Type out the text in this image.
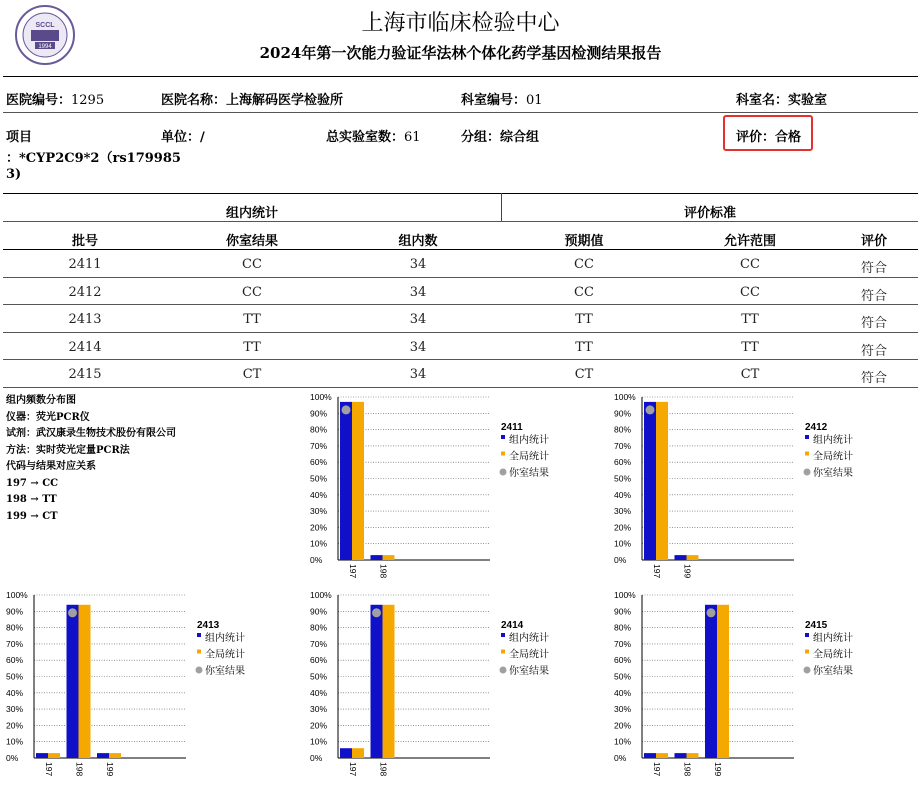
SCCL
1994
上海市临床检验中心
2024年第一次能力验证华法林个体化药学基因检测结果报告
医院编号：1295	医院名称：上海解码医学检验所	科室编号：01	科室名：实验室
项目
：*CYP2C9*2（rs179985
3)
单位：/	总实验室数：61	分组：综合组	评价：合格
组内统计	评价标准
批号	你室结果	组内数	预期值	允许范围	评价
2411	CC	34	CC	CC	符合
2412	CC	34	CC	CC	符合
2413	TT	34	TT	TT	符合
2414	TT	34	TT	TT	符合
2415	CT	34	CT	CT	符合
组内频数分布图
仪器：荧光PCR仪
试剂：武汉康录生物技术股份有限公司
方法：实时荧光定量PCR法
代码与结果对应关系
197 → CC
198 → TT
199 → CT
0%
10%
20%
30%
40%
50%
60%
70%
80%
90%
100%
197 198
2411
组内统计
全局统计
你室结果
0%
10%
20%
30%
40%
50%
60%
70%
80%
90%
100%
197 199
2412
组内统计
全局统计
你室结果
0%
10%
20%
30%
40%
50%
60%
70%
80%
90%
100%
197 198 199
2413
组内统计
全局统计
你室结果
0%
10%
20%
30%
40%
50%
60%
70%
80%
90%
100%
197 198
2414
组内统计
全局统计
你室结果
0%
10%
20%
30%
40%
50%
60%
70%
80%
90%
100%
197 198 199
2415
组内统计
全局统计
你室结果
